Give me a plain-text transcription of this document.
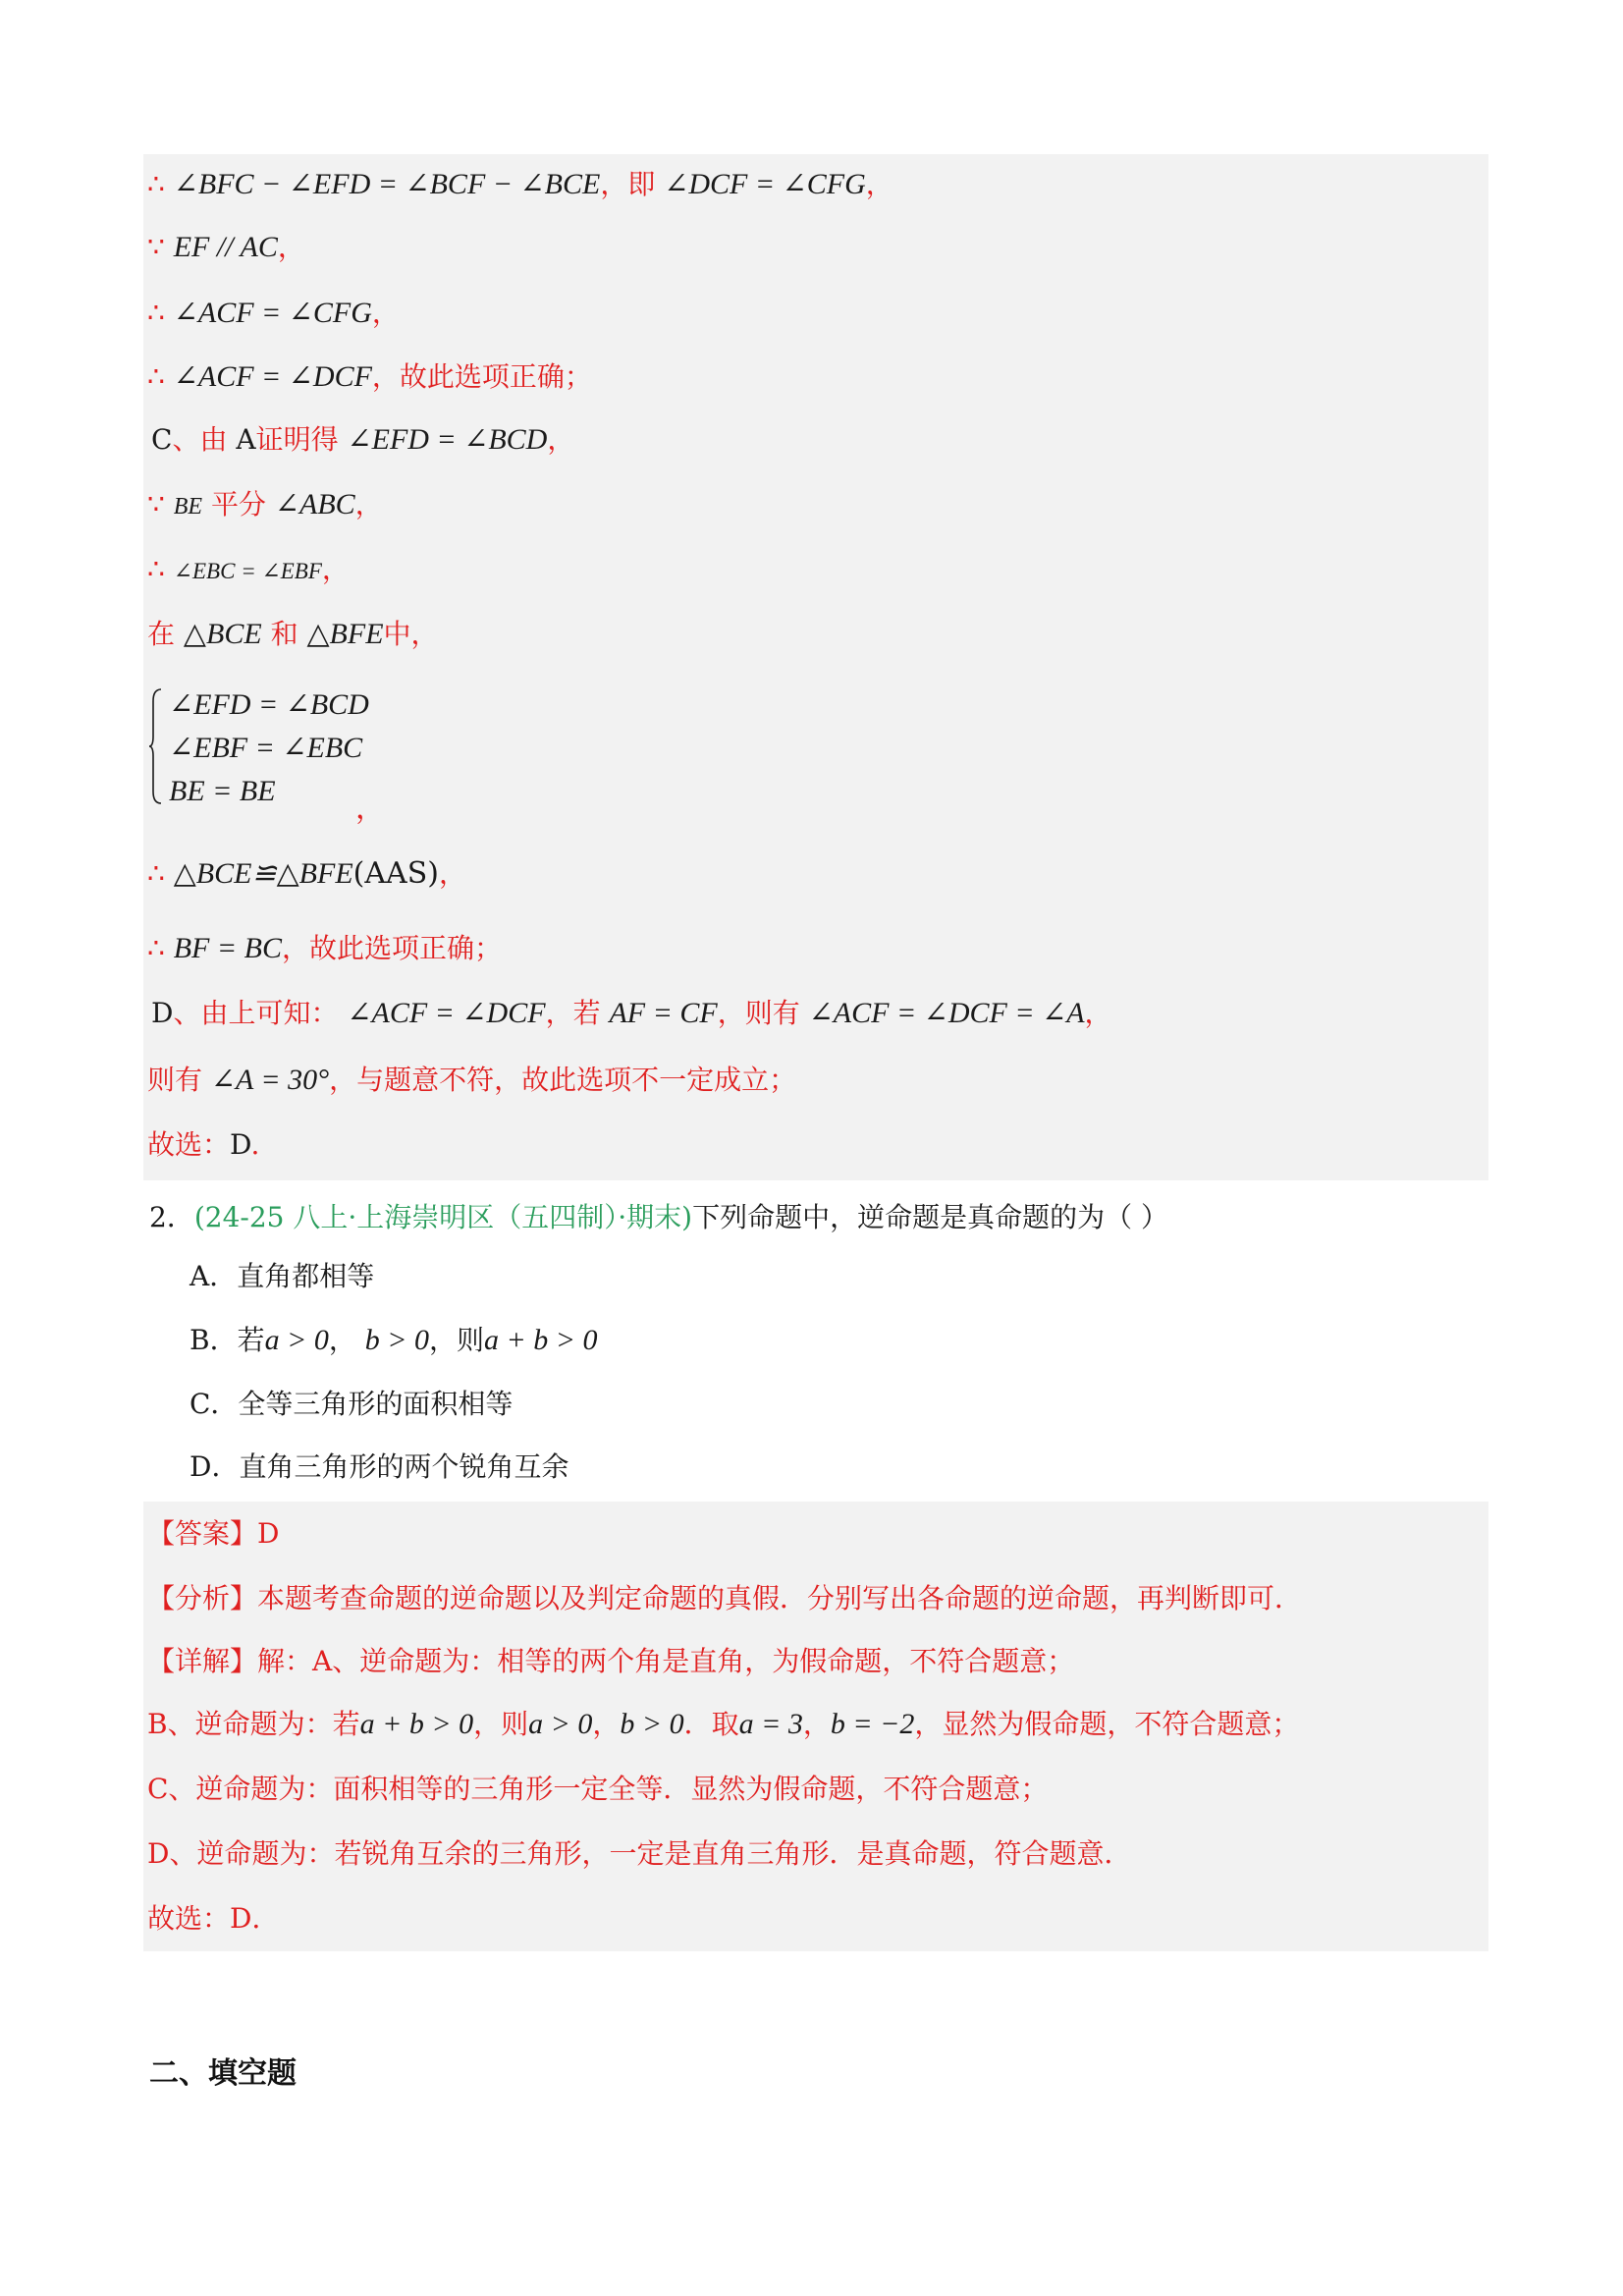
∴ ∠BFC − ∠EFD = ∠BCF − ∠BCE，即 ∠DCF = ∠CFG，
∵ EF // AC，
∴ ∠ACF = ∠CFG，
∴ ∠ACF = ∠DCF，故此选项正确；
C、由 A证明得 ∠EFD = ∠BCD，
∵ BE 平分 ∠ABC，
∴ ∠EBC = ∠EBF，
在 △BCE 和 △BFE中，
∠EFD = ∠BCD
∠EBF = ∠EBC
BE = BE
，
∴ △BCE≌△BFE(AAS)，
∴ BF = BC，故此选项正确；
D、由上可知： ∠ACF = ∠DCF，若 AF = CF，则有 ∠ACF = ∠DCF = ∠A，
则有 ∠A = 30°，与题意不符，故此选项不一定成立；
故选：D.
2．(24-25 八上·上海崇明区（五四制）·期末)下列命题中，逆命题是真命题的为（ ）
A．直角都相等
B．若a > 0， b > 0，则a + b > 0
C．全等三角形的面积相等
D．直角三角形的两个锐角互余
【答案】D
【分析】本题考查命题的逆命题以及判定命题的真假．分别写出各命题的逆命题，再判断即可．
【详解】解：A、逆命题为：相等的两个角是直角，为假命题，不符合题意；
B、逆命题为：若a + b > 0，则a > 0，b > 0．取a = 3，b = −2，显然为假命题，不符合题意；
C、逆命题为：面积相等的三角形一定全等．显然为假命题，不符合题意；
D、逆命题为：若锐角互余的三角形，一定是直角三角形．是真命题，符合题意．
故选：D．
二、填空题
